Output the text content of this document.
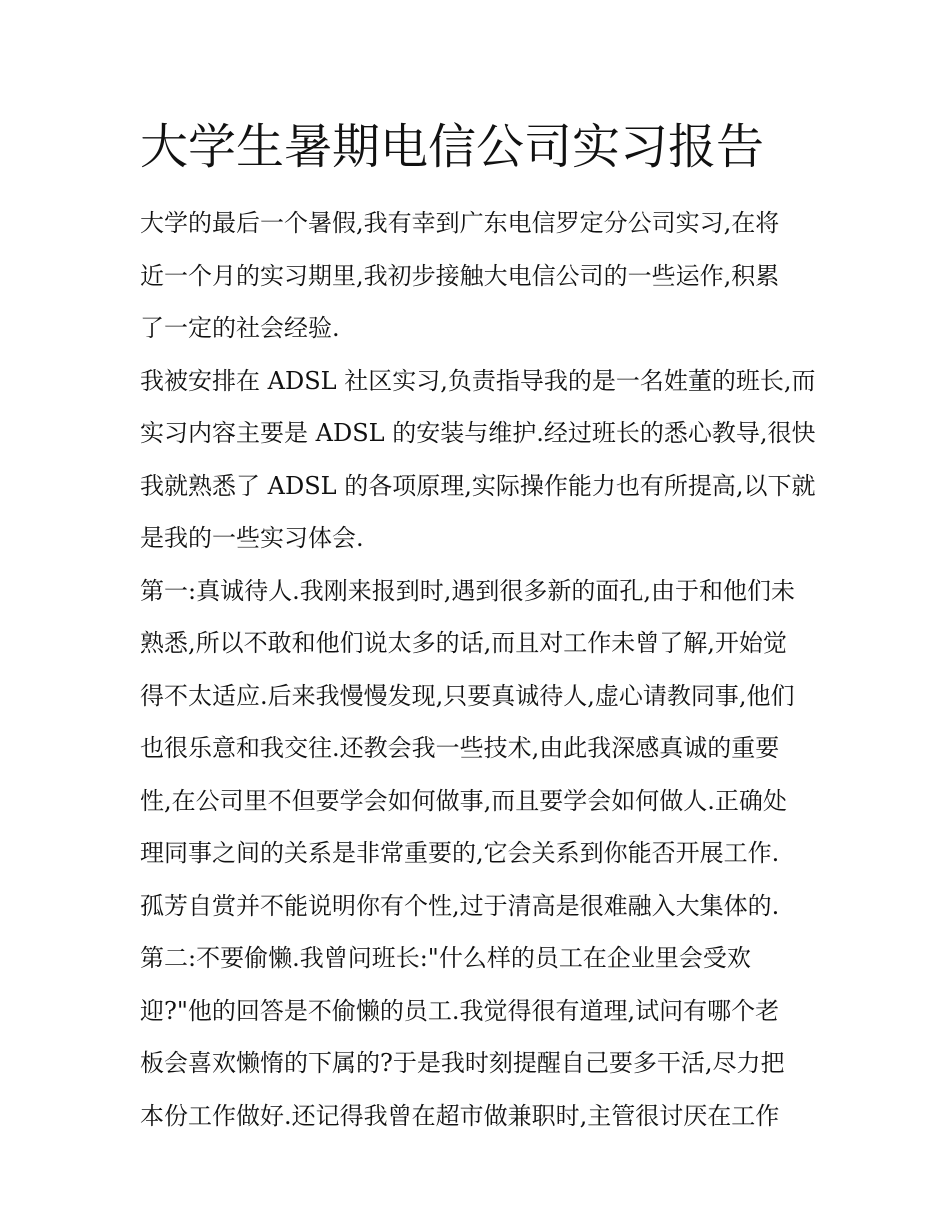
大学生暑期电信公司实习报告
大学的最后一个暑假,我有幸到广东电信罗定分公司实习,在将
近一个月的实习期里,我初步接触大电信公司的一些运作,积累
了一定的社会经验.
我被安排在 ADSL 社区实习,负责指导我的是一名姓董的班长,而
实习内容主要是 ADSL 的安装与维护.经过班长的悉心教导,很快
我就熟悉了 ADSL 的各项原理,实际操作能力也有所提高,以下就
是我的一些实习体会.
第一:真诚待人.我刚来报到时,遇到很多新的面孔,由于和他们未
熟悉,所以不敢和他们说太多的话,而且对工作未曾了解,开始觉
得不太适应.后来我慢慢发现,只要真诚待人,虚心请教同事,他们
也很乐意和我交往.还教会我一些技术,由此我深感真诚的重要
性,在公司里不但要学会如何做事,而且要学会如何做人.正确处
理同事之间的关系是非常重要的,它会关系到你能否开展工作.
孤芳自赏并不能说明你有个性,过于清高是很难融入大集体的.
第二:不要偷懒.我曾问班长:"什么样的员工在企业里会受欢
迎?"他的回答是不偷懒的员工.我觉得很有道理,试问有哪个老
板会喜欢懒惰的下属的?于是我时刻提醒自己要多干活,尽力把
本份工作做好.还记得我曾在超市做兼职时,主管很讨厌在工作
